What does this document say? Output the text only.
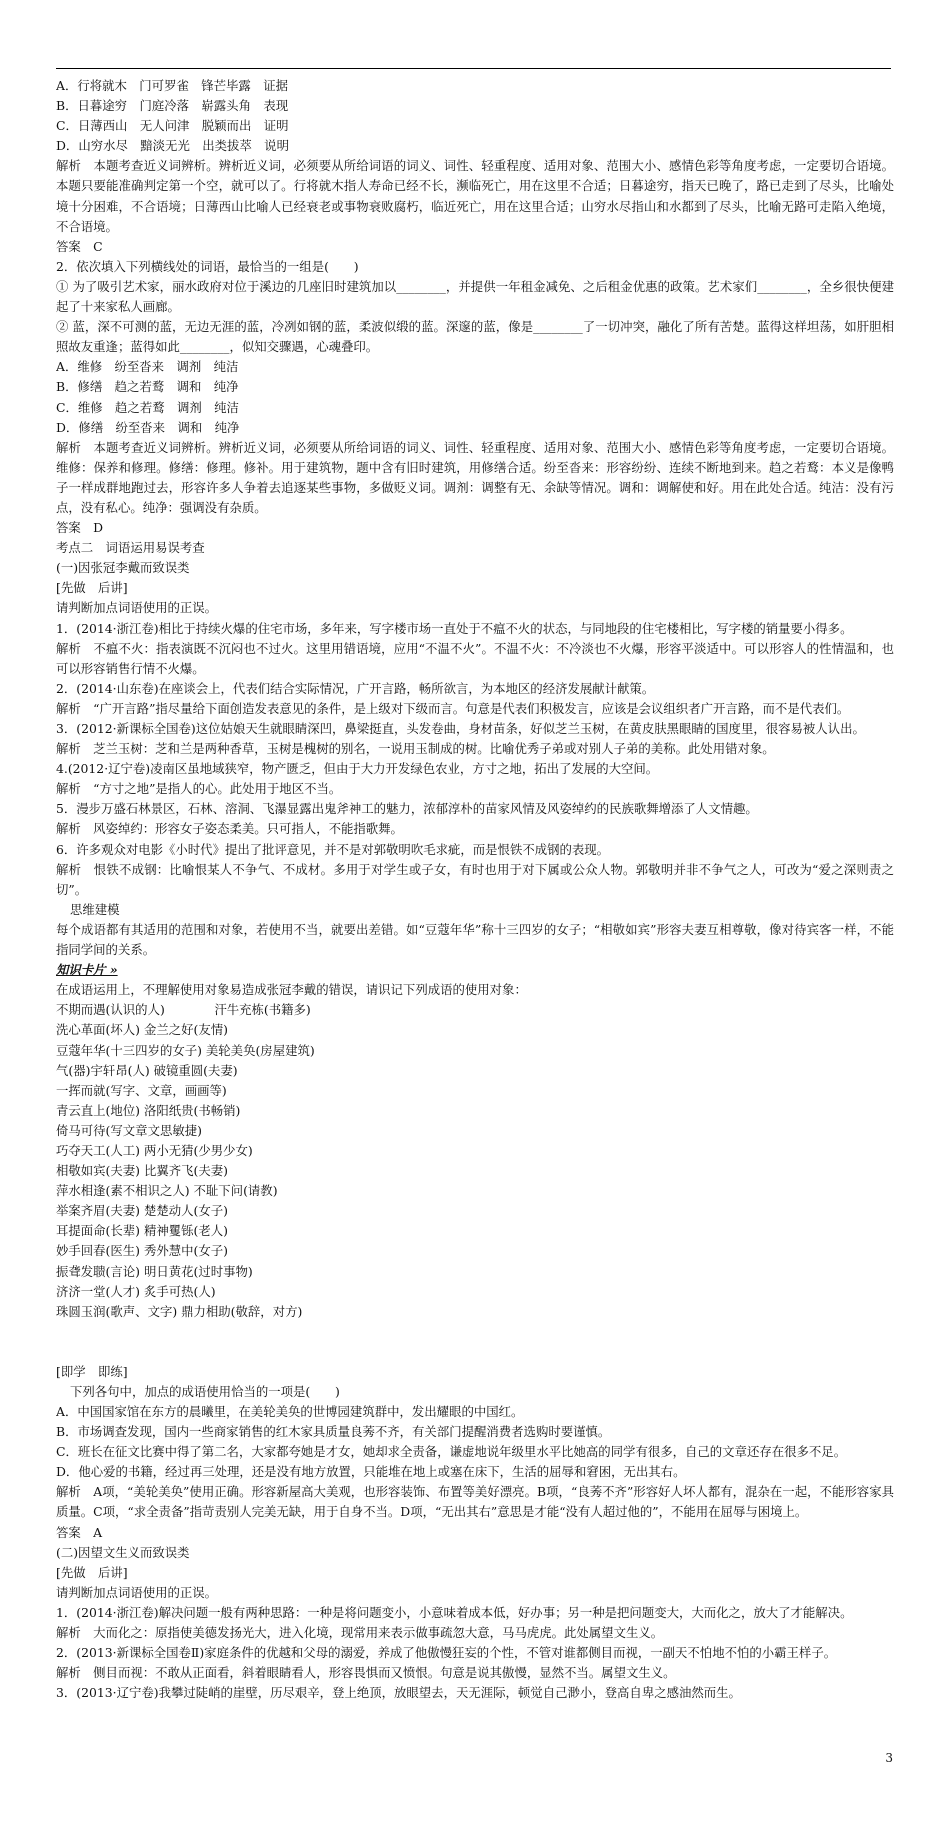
A．行将就木　门可罗雀　锋芒毕露　证据
B．日暮途穷　门庭冷落　崭露头角　表现
C．日薄西山　无人问津　脱颖而出　证明
D．山穷水尽　黯淡无光　出类拔萃　说明
解析　本题考查近义词辨析。辨析近义词，必须要从所给词语的词义、词性、轻重程度、适用对象、范围大小、感情色彩等角度考虑，一定要切合语境。本题只要能准确判定第一个空，就可以了。行将就木指人寿命已经不长，濒临死亡，用在这里不合适；日暮途穷，指天已晚了，路已走到了尽头，比喻处境十分困难，不合语境；日薄西山比喻人已经衰老或事物衰败腐朽，临近死亡，用在这里合适；山穷水尽指山和水都到了尽头，比喻无路可走陷入绝境，不合语境。
答案　C
2．依次填入下列横线处的词语，最恰当的一组是(　　)
① 为了吸引艺术家，丽水政府对位于溪边的几座旧时建筑加以________，并提供一年租金减免、之后租金优惠的政策。艺术家们________，全乡很快便建起了十来家私人画廊。
② 蓝，深不可测的蓝，无边无涯的蓝，冷冽如钢的蓝，柔波似缎的蓝。深邃的蓝，像是________了一切冲突，融化了所有苦楚。蓝得这样坦荡，如肝胆相照故友重逢；蓝得如此________，似知交骤遇，心魂叠印。
A．维修　纷至沓来　调剂　纯洁
B．修缮　趋之若鹜　调和　纯净
C．维修　趋之若鹜　调剂　纯洁
D．修缮　纷至沓来　调和　纯净
解析　本题考查近义词辨析。辨析近义词，必须要从所给词语的词义、词性、轻重程度、适用对象、范围大小、感情色彩等角度考虑，一定要切合语境。维修：保养和修理。修缮：修理。修补。用于建筑物，题中含有旧时建筑，用修缮合适。纷至沓来：形容纷纷、连续不断地到来。趋之若鹜：本义是像鸭子一样成群地跑过去，形容许多人争着去追逐某些事物，多做贬义词。调剂：调整有无、余缺等情况。调和：调解使和好。用在此处合适。纯洁：没有污点，没有私心。纯净：强调没有杂质。
答案　D
考点二　词语运用易误考查
(一)因张冠李戴而致误类
[先做　后讲]
请判断加点词语使用的正误。
1．(2014·浙江卷)相比于持续火爆的住宅市场，多年来，写字楼市场一直处于不瘟不火的状态，与同地段的住宅楼相比，写字楼的销量要小得多。
解析　不瘟不火：指表演既不沉闷也不过火。这里用错语境，应用“不温不火”。不温不火：不冷淡也不火爆，形容平淡适中。可以形容人的性情温和，也可以形容销售行情不火爆。
2．(2014·山东卷)在座谈会上，代表们结合实际情况，广开言路，畅所欲言，为本地区的经济发展献计献策。
解析　“广开言路”指尽量给下面创造发表意见的条件，是上级对下级而言。句意是代表们积极发言，应该是会议组织者广开言路，而不是代表们。
3．(2012·新课标全国卷)这位姑娘天生就眼睛深凹，鼻梁挺直，头发卷曲，身材苗条，好似芝兰玉树，在黄皮肤黑眼睛的国度里，很容易被人认出。
解析　芝兰玉树：芝和兰是两种香草，玉树是槐树的别名，一说用玉制成的树。比喻优秀子弟或对别人子弟的美称。此处用错对象。
4.(2012·辽宁卷)凌南区虽地域狭窄，物产匮乏，但由于大力开发绿色农业，方寸之地，拓出了发展的大空间。
解析　“方寸之地”是指人的心。此处用于地区不当。
5．漫步万盛石林景区，石林、溶洞、飞瀑显露出鬼斧神工的魅力，浓郁淳朴的苗家风情及风姿绰约的民族歌舞增添了人文情趣。
解析　风姿绰约：形容女子姿态柔美。只可指人，不能指歌舞。
6．许多观众对电影《小时代》提出了批评意见，并不是对郭敬明吹毛求疵，而是恨铁不成钢的表现。
解析　恨铁不成钢：比喻恨某人不争气、不成材。多用于对学生或子女，有时也用于对下属或公众人物。郭敬明并非不争气之人，可改为“爱之深则责之切”。
思维建模
每个成语都有其适用的范围和对象，若使用不当，就要出差错。如“豆蔻年华”称十三四岁的女子；“相敬如宾”形容夫妻互相尊敬，像对待宾客一样，不能指同学间的关系。
知识卡片 »
在成语运用上，不理解使用对象易造成张冠李戴的错误，请识记下列成语的使用对象：
不期而遇(认识的人)　　　　汗牛充栋(书籍多)
洗心革面(坏人) 金兰之好(友情)
豆蔻年华(十三四岁的女子) 美轮美奂(房屋建筑)
气(器)宇轩昂(人) 破镜重圆(夫妻)
一挥而就(写字、文章，画画等)
青云直上(地位) 洛阳纸贵(书畅销)
倚马可待(写文章文思敏捷)
巧夺天工(人工) 两小无猜(少男少女)
相敬如宾(夫妻) 比翼齐飞(夫妻)
萍水相逢(素不相识之人) 不耻下问(请教)
举案齐眉(夫妻) 楚楚动人(女子)
耳提面命(长辈) 精神矍铄(老人)
妙手回春(医生) 秀外慧中(女子)
振聋发聩(言论) 明日黄花(过时事物)
济济一堂(人才) 炙手可热(人)
珠圆玉润(歌声、文字) 鼎力相助(敬辞，对方)
[即学　即练]
下列各句中，加点的成语使用恰当的一项是(　　)
A．中国国家馆在东方的晨曦里，在美轮美奂的世博园建筑群中，发出耀眼的中国红。
B．市场调查发现，国内一些商家销售的红木家具质量良莠不齐，有关部门提醒消费者选购时要谨慎。
C．班长在征文比赛中得了第二名，大家都夸她是才女，她却求全责备，谦虚地说年级里水平比她高的同学有很多，自己的文章还存在很多不足。
D．他心爱的书籍，经过再三处理，还是没有地方放置，只能堆在地上或塞在床下，生活的屈辱和窘困，无出其右。
解析　A项，“美轮美奂”使用正确。形容新屋高大美观，也形容装饰、布置等美好漂亮。B项，“良莠不齐”形容好人坏人都有，混杂在一起，不能形容家具质量。C项，“求全责备”指苛责别人完美无缺，用于自身不当。D项，“无出其右”意思是才能“没有人超过他的”，不能用在屈辱与困境上。
答案　A
(二)因望文生义而致误类
[先做　后讲]
请判断加点词语使用的正误。
1．(2014·浙江卷)解决问题一般有两种思路：一种是将问题变小，小意味着成本低，好办事；另一种是把问题变大，大而化之，放大了才能解决。
解析　大而化之：原指使美德发扬光大，进入化境，现常用来表示做事疏忽大意，马马虎虎。此处属望文生义。
2．(2013·新课标全国卷Ⅱ)家庭条件的优越和父母的溺爱，养成了他傲慢狂妄的个性，不管对谁都侧目而视，一副天不怕地不怕的小霸王样子。
解析　侧目而视：不敢从正面看，斜着眼睛看人，形容畏惧而又愤恨。句意是说其傲慢，显然不当。属望文生义。
3．(2013·辽宁卷)我攀过陡峭的崖壁，历尽艰辛，登上绝顶，放眼望去，天无涯际，顿觉自己渺小，登高自卑之感油然而生。
3
